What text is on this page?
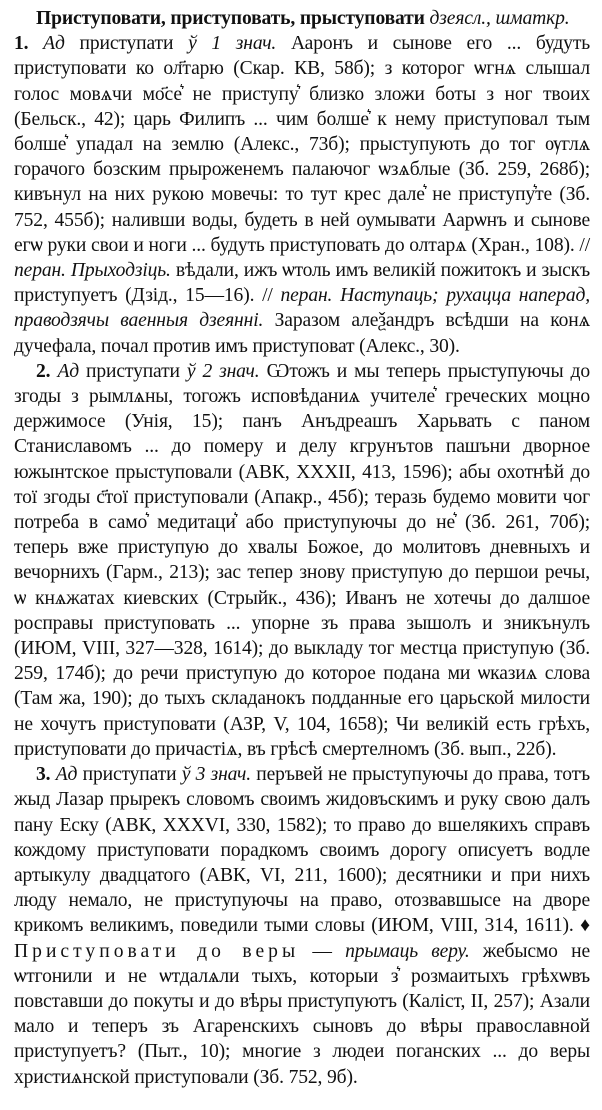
Приступовати, приступовать, прыступовати дзеясл., шматкр.
1. Ад приступати ў 1 знач. Ааронъ и сынове его ... будуть приступовати ко ол҃тарю (Скар. КВ, 58б); з которог ѡгнѧ слышал голос мовѧчи мо҃се͛ не приступу͛ близко зложи боты з ног твоих (Бельск., 42); царь Филипъ ... чим болше͛ к нему приступовал тым болше͛ упадал на землю (Алекс., 73б); прыступують до тог ѹглѧ горачого бозским прыроженемъ палаючог ѡзѧблые (Зб. 259, 268б); кивънул на них рукою мовечы: то тут крес дале͛ не приступу͛те (Зб. 752, 455б); наливши воды, будеть в ней оумывати Аарѡнъ и сынове егѡ руки свои и ноги ... будуть приступовать до олтарѧ (Хран., 108). // перан. Прыходзіць. вѣдали, ижъ ѡтоль имъ великій пожитокъ и зыскъ приступуетъ (Дзід., 15—16). // перан. Наступаць; рухацца наперад, праводзячы ваенныя дзеянні. Заразом алеѯандръ всѣдши на конѧ дучефала, почал против имъ приступоват (Алекс., 30).

2. Ад приступати ў 2 знач. Ѡтожъ и мы теперь прыступуючы до згоды з рымлѧны, тогожъ исповѣданиѧ учителе͛ греческих моцно держимосе (Унія, 15); панъ Анъдреашъ Харьвать с паном Станиславомъ ... до померу и делу кгрунътов пашъни дворное южынтское прыступовали (АВК, XXXII, 413, 1596); абы охотнѣй до тої згоды с҃тої приступовали (Апакр., 45б); теразь будемо мовити чог потреба в само͛ медитаци͛ або приступуючы до не͛ (Зб. 261, 70б); теперь вже приступую до хвалы Божое, до молитовъ дневныхъ и вечорнихъ (Гарм., 213); зас тепер знову приступую до першои речы, ѡ кнѧжатах киевских (Стрыйк., 436); Иванъ не хотечы до далшое росправы приступовать ... упорне зъ права зышолъ и зникънулъ (ИЮМ, VIII, 327—328, 1614); до выкладу тог местца приступую (Зб. 259, 174б); до речи приступую до которое подана ми ѡказиѧ слова (Там жа, 190); до тыхъ складанокъ подданные его царьской милости не хочутъ приступовати (АЗР, V, 104, 1658); Чи великій есть грѣхъ, приступовати до причастіѧ, въ грѣсѣ смертелномъ (Зб. вып., 22б).

3. Ад приступати ў 3 знач. перъвей не прыступуючы до права, тотъ жыд Лазар прырекъ словомъ своимъ жидовъскимъ и руку свою далъ пану Еску (АВК, XXXVI, 330, 1582); то право до вшелякихъ справъ кождому приступовати порадкомъ своимъ дорогу описуетъ водле артыкулу двадцатого (АВК, VI, 211, 1600); десятники и при нихъ люду немало, не приступуючы на право, отозвавшысе на дворе крикомъ великимъ, поведили тыми словы (ИЮМ, VIII, 314, 1611). ♦ Приступовати до веры — прымаць веру. жебысмо не ѡтгонили и не ѡтдалѧли тыхъ, которыи з͛ розмаитыхъ грѣхѡвъ повставши до покуты и до вѣры приступуютъ (Каліст, II, 257); Азали мало и теперъ зъ Агаренскихъ сыновъ до вѣры православной приступуетъ? (Пыт., 10); многие з людеи поганских ... до веры христиѧнской приступовали (Зб. 752, 9б).
